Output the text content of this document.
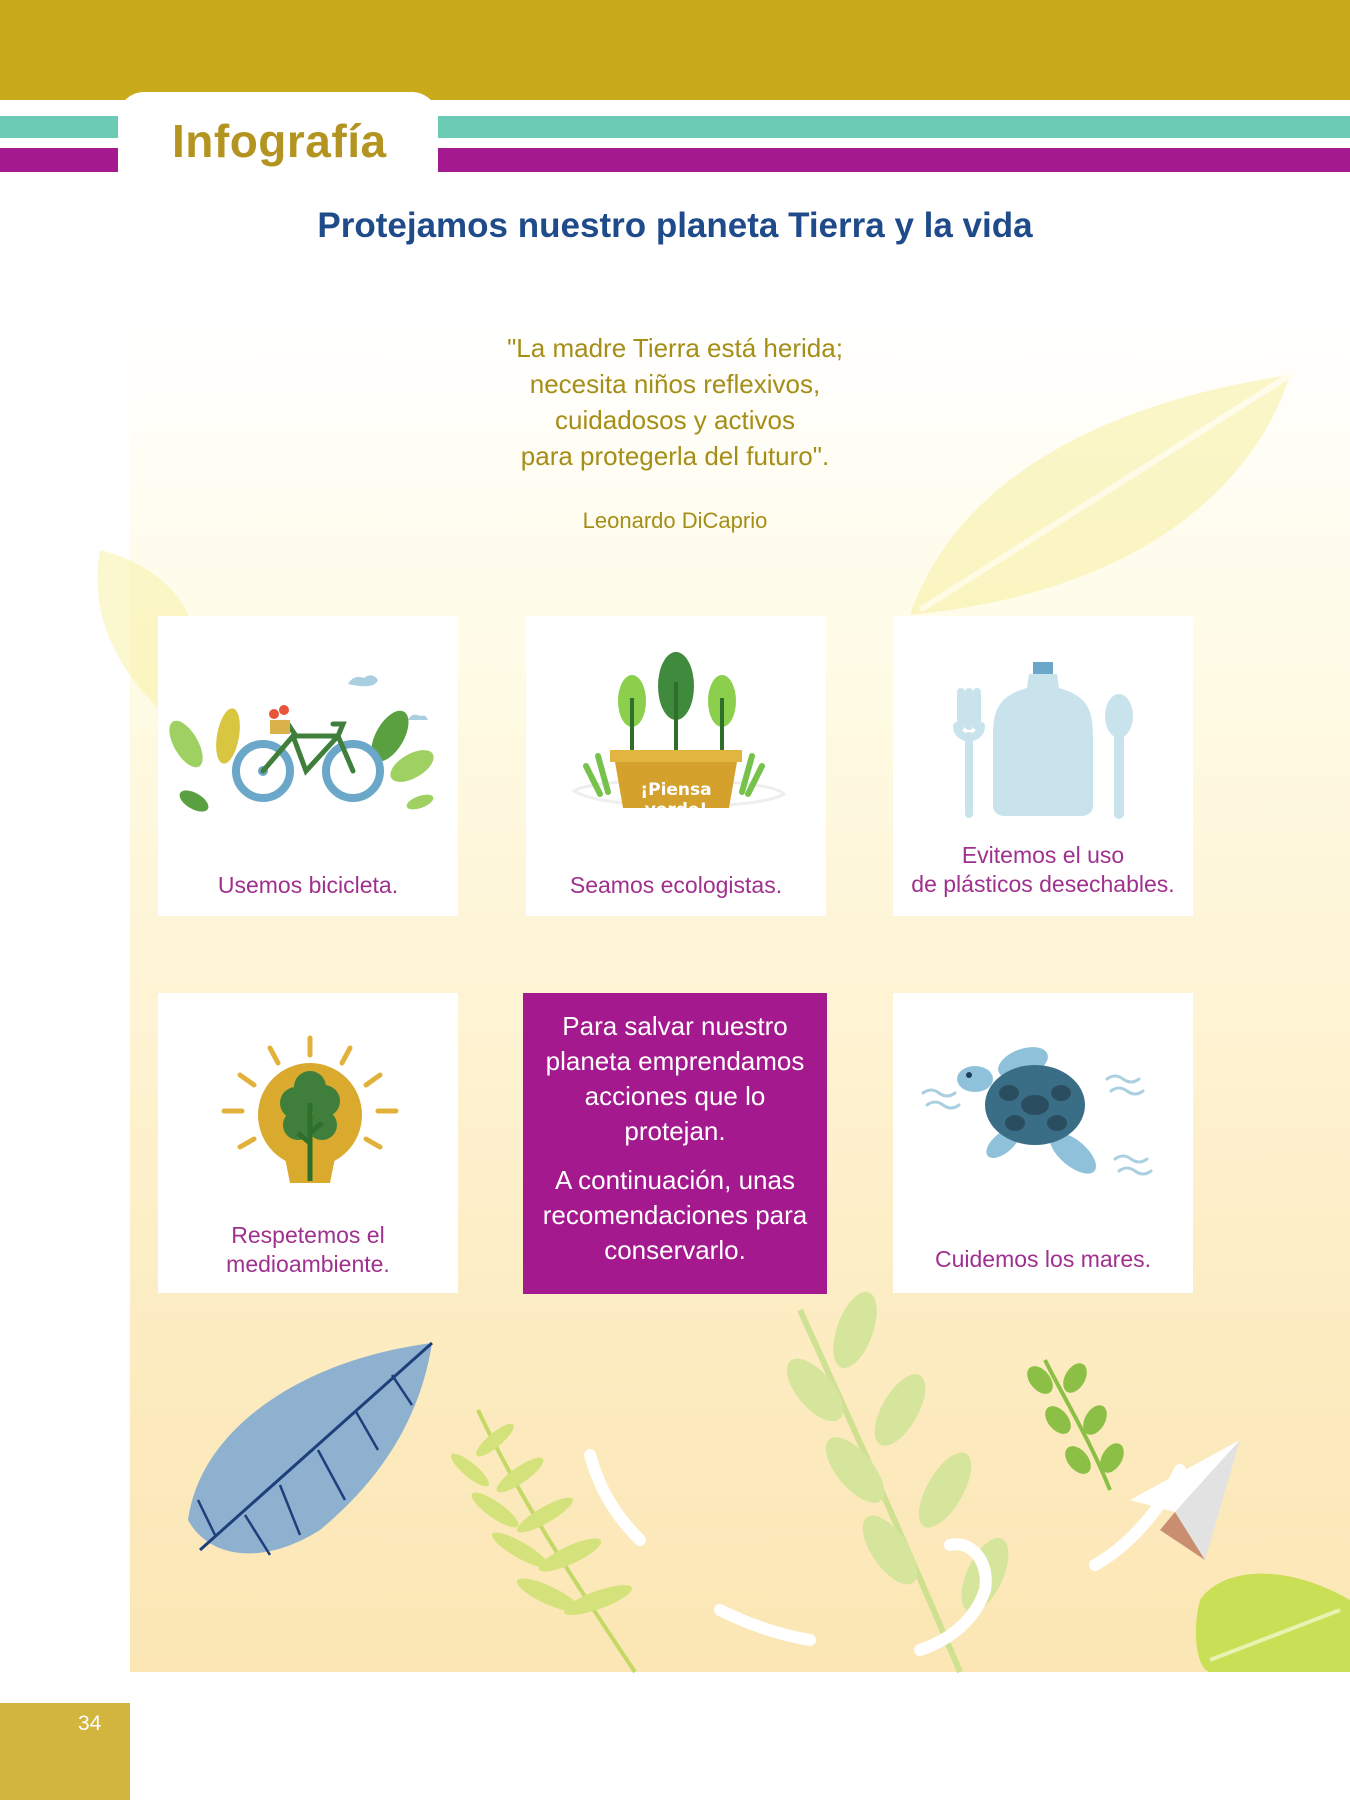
Infografía
Protejamos nuestro planeta Tierra y la vida
"La madre Tierra está herida;
necesita niños reflexivos,
cuidadosos y activos
para protegerla del futuro".

Leonardo DiCaprio

Usemos bicicleta.

¡Piensa verde!

Seamos ecologistas.

Evitemos el uso
de plásticos desechables.

Respetemos el
medioambiente.

Para salvar nuestro planeta emprendamos acciones que lo protejan.

A continuación, unas recomendaciones para conservarlo.	Cuidemos los mares.

34
